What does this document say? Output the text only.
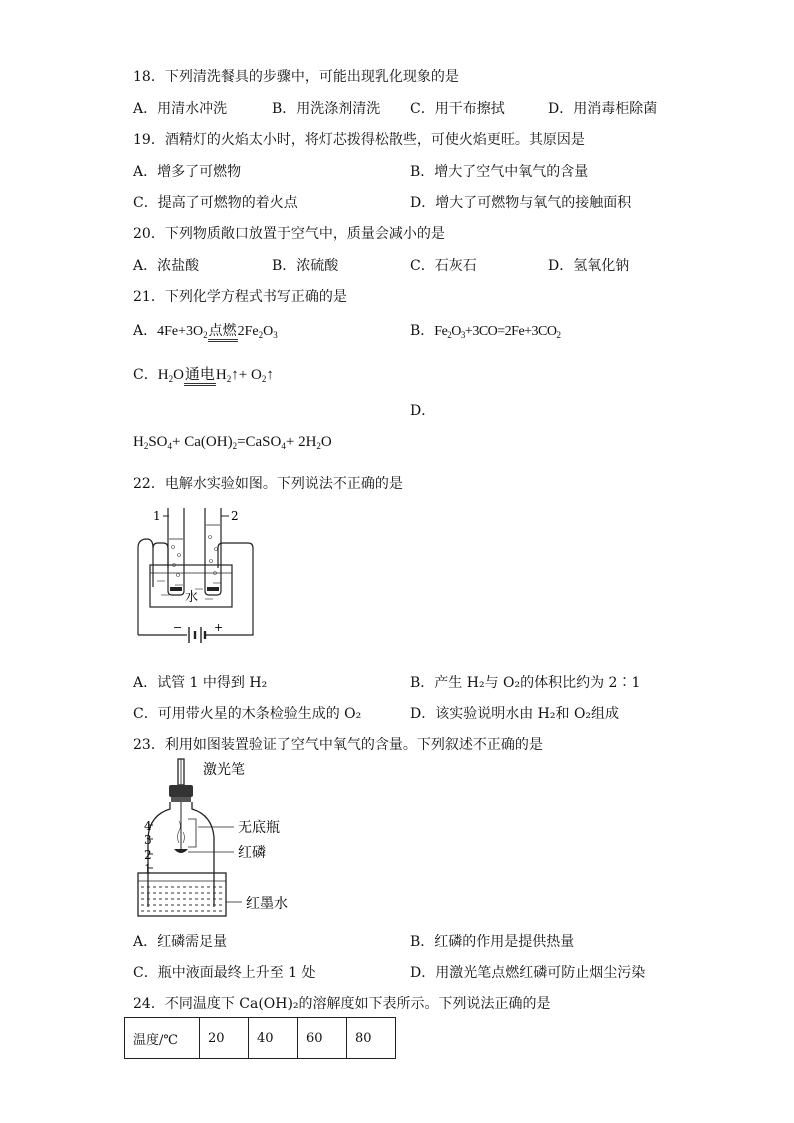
18．下列清洗餐具的步骤中，可能出现乳化现象的是
A．用清水冲洗	B．用洗涤剂清洗 C．用干布擦拭	D．用消毒柜除菌
19．酒精灯的火焰太小时，将灯芯拨得松散些，可使火焰更旺。其原因是
A．增多了可燃物	B．增大了空气中氧气的含量
C．提高了可燃物的着火点	D．增大了可燃物与氧气的接触面积
20．下列物质敞口放置于空气中，质量会减小的是
A．浓盐酸	B．浓硫酸	C．石灰石	D．氢氧化钠
21．下列化学方程式书写正确的是
A．$4Fe+3O_2$点燃$2Fe_2O_3$	B．$Fe_2O_3+3CO=2Fe+3CO_2$
C．$H_2O$通电$H_2↑+$ $O_2↑$
D．
$H_2SO_4+$ $Ca(OH)_2=CaSO_4+ 2H_2O$
22．电解水实验如图。下列说法不正确的是
1	2
−	+
水
A．试管 1 中得到 H₂	B．产生 H₂与 O₂的体积比约为 2∶1
C．可用带火星的木条检验生成的 O₂	D．该实验说明水由 H₂和 O₂组成
23．利用如图装置验证了空气中氧气的含量。下列叙述不正确的是
激光笔
4
3
2
1
无底瓶
红磷
红墨水
A．红磷需足量	B．红磷的作用是提供热量
C．瓶中液面最终上升至 1 处	D．用激光笔点燃红磷可防止烟尘污染
24．不同温度下 Ca(OH)₂的溶解度如下表所示。下列说法正确的是
温度/℃	20	40	60	80
